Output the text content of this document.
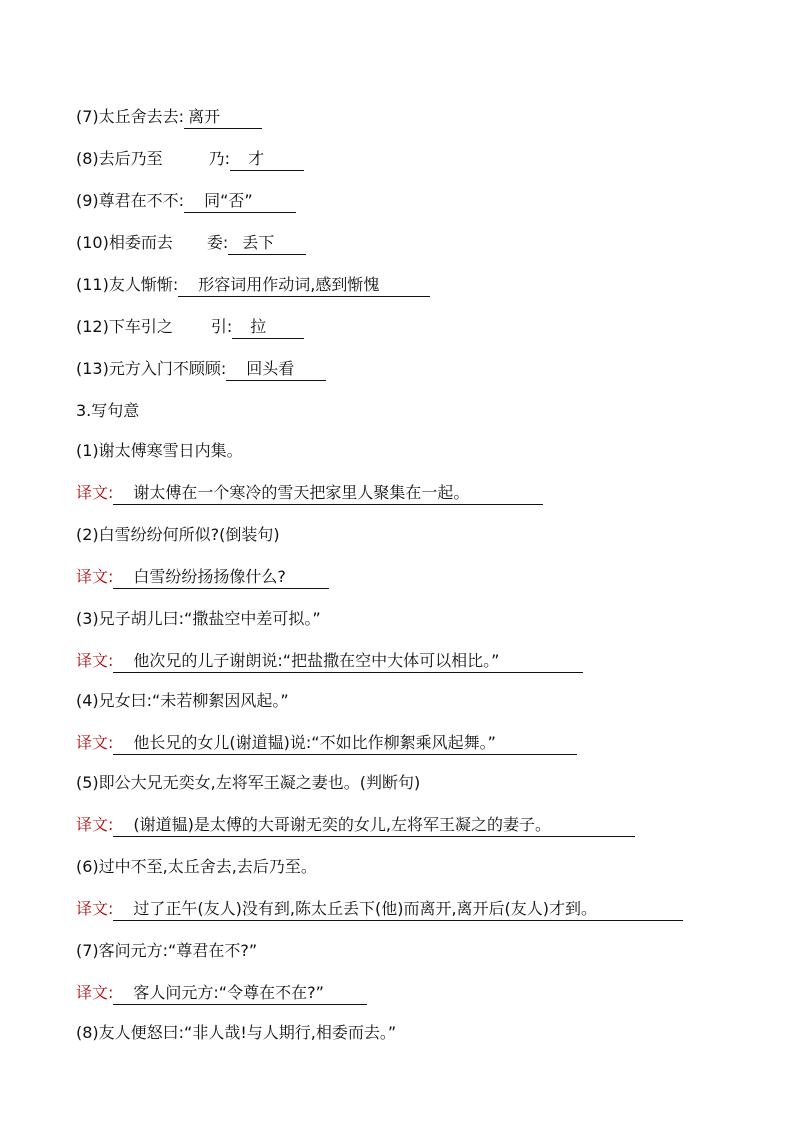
(7)太丘舍去去: 离开
(8)去后乃至	乃: 才
(9)尊君在不不: 同“否”
(10)相委而去 委: 丢下
(11)友人惭惭: 形容词用作动词,感到惭愧
(12)下车引之 引: 拉
(13)元方入门不顾顾: 回头看
3.写句意
(1)谢太傅寒雪日内集。
译文: 谢太傅在一个寒冷的雪天把家里人聚集在一起。
(2)白雪纷纷何所似?(倒装句)
译文: 白雪纷纷扬扬像什么?
(3)兄子胡儿曰:“撒盐空中差可拟。”
译文: 他次兄的儿子谢朗说:“把盐撒在空中大体可以相比。”
(4)兄女曰:“未若柳絮因风起。”
译文: 他长兄的女儿(谢道韫)说:“不如比作柳絮乘风起舞。”
(5)即公大兄无奕女,左将军王凝之妻也。(判断句)
译文: (谢道韫)是太傅的大哥谢无奕的女儿,左将军王凝之的妻子。
(6)过中不至,太丘舍去,去后乃至。
译文: 过了正午(友人)没有到,陈太丘丢下(他)而离开,离开后(友人)才到。
(7)客问元方:“尊君在不?”
译文: 客人问元方:“令尊在不在?”
(8)友人便怒曰:“非人哉!与人期行,相委而去。”
